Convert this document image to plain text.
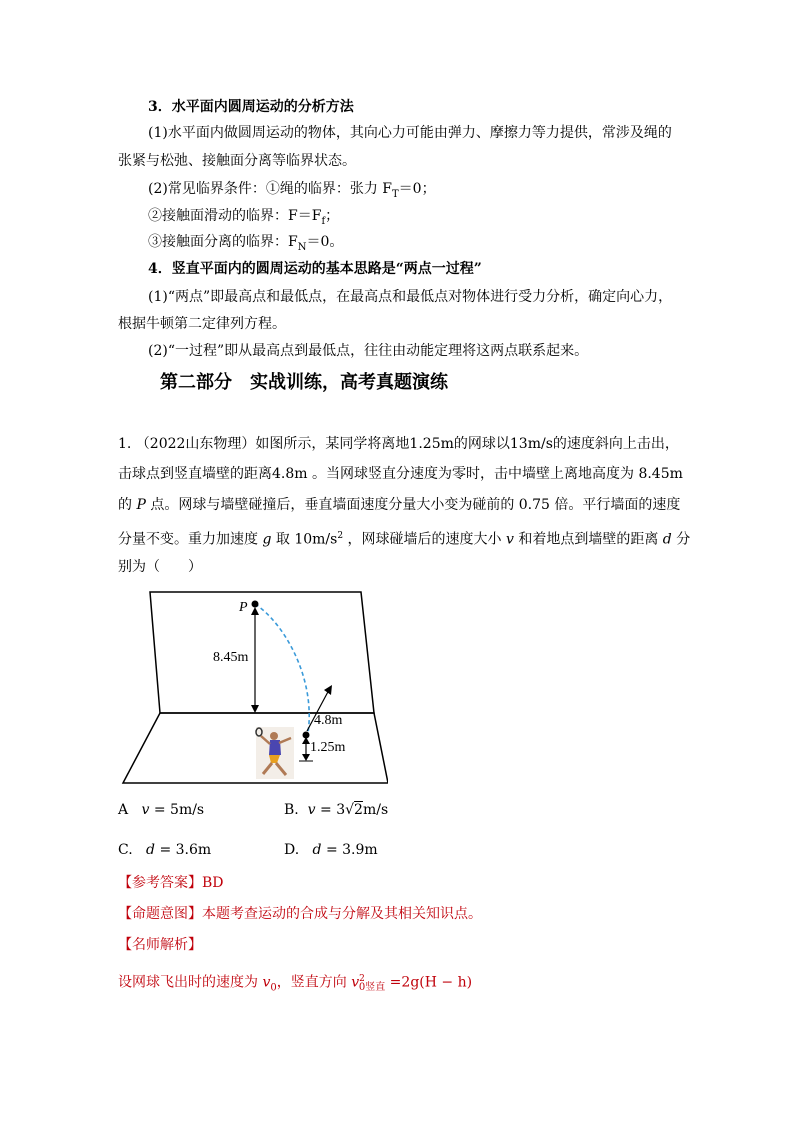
3．水平面内圆周运动的分析方法
(1)水平面内做圆周运动的物体，其向心力可能由弹力、摩擦力等力提供，常涉及绳的
张紧与松弛、接触面分离等临界状态。
(2)常见临界条件：①绳的临界：张力 $F_T=0$；
②接触面滑动的临界：$F=F_f$；
③接触面分离的临界：$F_N=0$。
4．竖直平面内的圆周运动的基本思路是“两点一过程”
(1)“两点”即最高点和最低点，在最高点和最低点对物体进行受力分析，确定向心力，
根据牛顿第二定律列方程。
(2)“一过程”即从最高点到最低点，往往由动能定理将这两点联系起来。
第二部分　实战训练，高考真题演练
1. （2022山东物理）如图所示，某同学将离地1.25m的网球以13m/s的速度斜向上击出，
击球点到竖直墙壁的距离4.8m 。当网球竖直分速度为零时，击中墙壁上离地高度为 8.45m
的 P 点。网球与墙壁碰撞后，垂直墙面速度分量大小变为碰前的 0.75 倍。平行墙面的速度
分量不变。重力加速度 g 取 $10m/s^2$ ，网球碰墙后的速度大小 v 和着地点到墙壁的距离 d 分
别为（　　）
P
8.45m
4.8m
1.25m
A v = 5m/s	B. v = 3√2m/s
C. d = 3.6m	D. d = 3.9m
【参考答案】BD
【命题意图】本题考查运动的合成与分解及其相关知识点。
【名师解析】
设网球飞出时的速度为 $v_0$，竖直方向 $v^2_{0竖直} =2g(H - h)$
